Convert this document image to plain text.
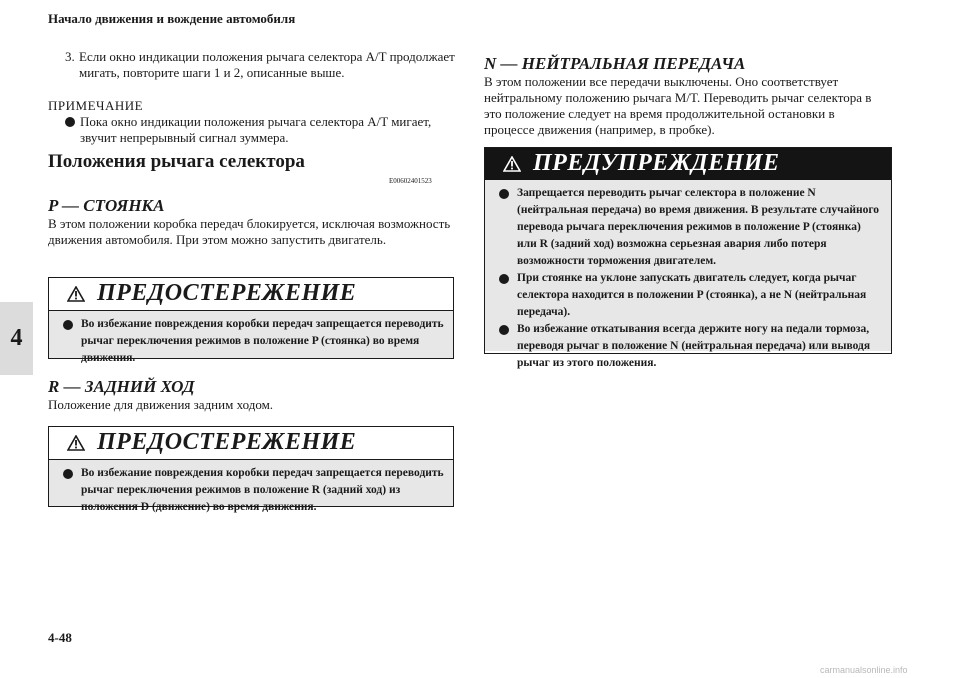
Начало движения и вождение автомобиля
4
3. Если окно индикации положения рычага селектора A/T продолжает мигать, повторите шаги 1 и 2, описанные выше.
ПРИМЕЧАНИЕ
Пока окно индикации положения рычага селектора A/T мигает, звучит непрерывный сигнал зуммера.
Положения рычага селектора
E00602401523
P — СТОЯНКА
В этом положении коробка передач блокируется, исключая возможность движения автомобиля. При этом можно запустить двигатель.
ПРЕДОСТЕРЕЖЕНИЕ
Во избежание повреждения коробки передач запрещается переводить рычаг переключения режимов в положение P (стоянка) во время движения.
R — ЗАДНИЙ ХОД
Положение для движения задним ходом.
ПРЕДОСТЕРЕЖЕНИЕ
Во избежание повреждения коробки передач запрещается переводить рычаг переключения режимов в положение R (задний ход) из положения D (движение) во время движения.
4-48
N — НЕЙТРАЛЬНАЯ ПЕРЕДАЧА
В этом положении все передачи выключены. Оно соответствует нейтральному положению рычага M/T. Переводить рычаг селектора в это положение следует на время продолжительной остановки в процессе движения (например, в пробке).
ПРЕДУПРЕЖДЕНИЕ
Запрещается переводить рычаг селектора в положение N (нейтральная передача) во время движения. В результате случайного перевода рычага переключения режимов в положение P (стоянка) или R (задний ход) возможна серьезная авария либо потеря возможности торможения двигателем.
При стоянке на уклоне запускать двигатель следует, когда рычаг селектора находится в положении P (стоянка), а не N (нейтральная передача).
Во избежание откатывания всегда держите ногу на педали тормоза, переводя рычаг в положение N (нейтральная передача) или выводя рычаг из этого положения.
carmanualsonline.info
